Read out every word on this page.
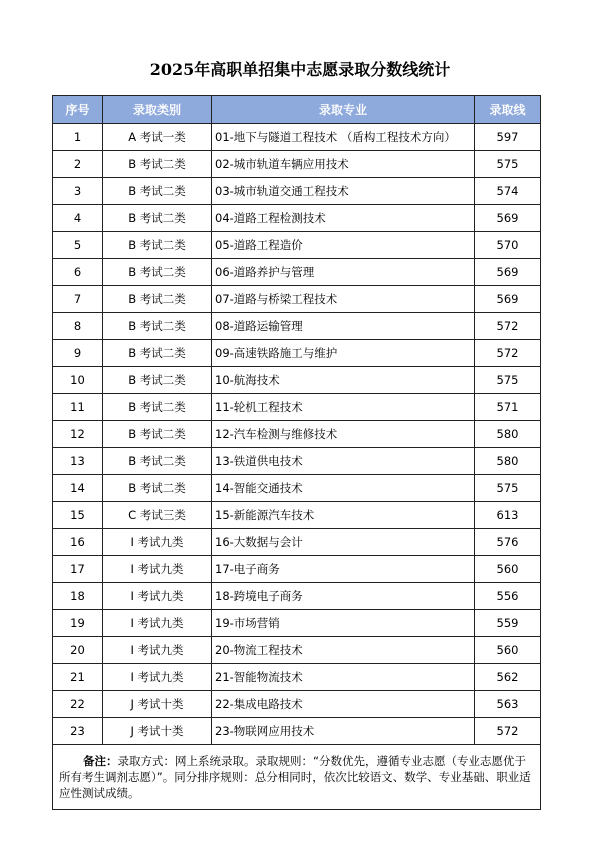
2025年高职单招集中志愿录取分数线统计
序号	录取类别	录取专业	录取线
1	A 考试一类	01-地下与隧道工程技术 （盾构工程技术方向）	597
2	B 考试二类	02-城市轨道车辆应用技术	575
3	B 考试二类	03-城市轨道交通工程技术	574
4	B 考试二类	04-道路工程检测技术	569
5	B 考试二类	05-道路工程造价	570
6	B 考试二类	06-道路养护与管理	569
7	B 考试二类	07-道路与桥梁工程技术	569
8	B 考试二类	08-道路运输管理	572
9	B 考试二类	09-高速铁路施工与维护	572
10	B 考试二类	10-航海技术	575
11	B 考试二类	11-轮机工程技术	571
12	B 考试二类	12-汽车检测与维修技术	580
13	B 考试二类	13-铁道供电技术	580
14	B 考试二类	14-智能交通技术	575
15	C 考试三类	15-新能源汽车技术	613
16	I 考试九类	16-大数据与会计	576
17	I 考试九类	17-电子商务	560
18	I 考试九类	18-跨境电子商务	556
19	I 考试九类	19-市场营销	559
20	I 考试九类	20-物流工程技术	560
21	I 考试九类	21-智能物流技术	562
22	J 考试十类	22-集成电路技术	563
23	J 考试十类	23-物联网应用技术	572
备注：录取方式：网上系统录取。录取规则：“分数优先，遵循专业志愿（专业志愿优于所有考生调剂志愿）”。同分排序规则：总分相同时，依次比较语文、数学、专业基础、职业适应性测试成绩。			
